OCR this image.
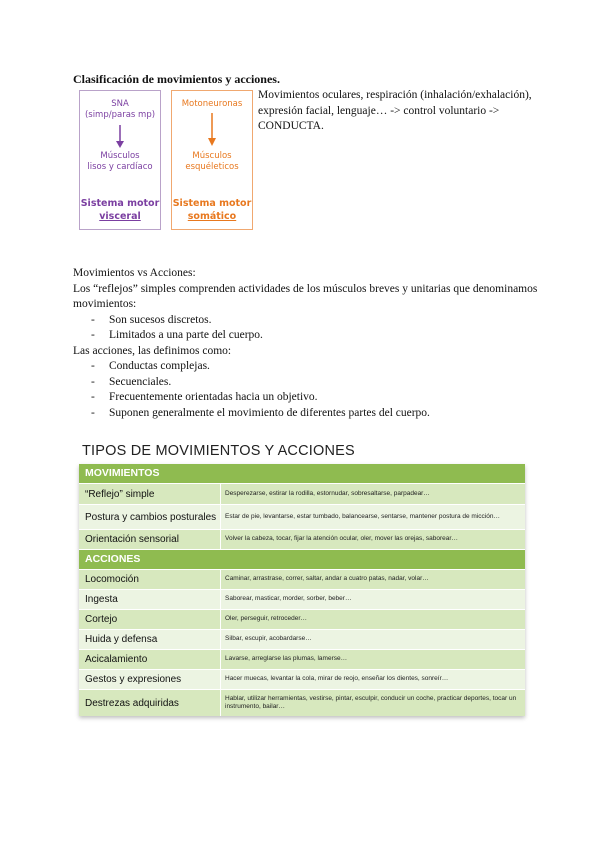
Clasificación de movimientos y acciones.
SNA
(simp/paras mp)
Músculos
lisos y cardíaco
Sistema motor
visceral
Motoneuronas
Músculos
esquéleticos
Sistema motor
somático
Movimientos oculares, respiración (inhalación/exhalación), expresión facial, lenguaje… -> control voluntario -> CONDUCTA.

Movimientos vs Acciones:

Los “reflejos” simples comprenden actividades de los músculos breves y unitarias que denominamos movimientos:

- Son sucesos discretos.
- Limitados a una parte del cuerpo.

Las acciones, las definimos como:

- Conductas complejas.
- Secuenciales.
- Frecuentemente orientadas hacia un objetivo.
- Suponen generalmente el movimiento de diferentes partes del cuerpo.
TIPOS DE MOVIMIENTOS Y ACCIONES
MOVIMIENTOS
“Reflejo” simple	Desperezarse, estirar la rodilla, estornudar, sobresaltarse, parpadear…
Postura y cambios posturales	Estar de pie, levantarse, estar tumbado, balancearse, sentarse, mantener postura de micción…
Orientación sensorial	Volver la cabeza, tocar, fijar la atención ocular, oler, mover las orejas, saborear…
ACCIONES
Locomoción	Caminar, arrastrase, correr, saltar, andar a cuatro patas, nadar, volar…
Ingesta	Saborear, masticar, morder, sorber, beber…
Cortejo	Oler, perseguir, retroceder…
Huida y defensa	Silbar, escupir, acobardarse…
Acicalamiento	Lavarse, arreglarse las plumas, lamerse…
Gestos y expresiones	Hacer muecas, levantar la cola, mirar de reojo, enseñar los dientes, sonreír…
Destrezas adquiridas	Hablar, utilizar herramientas, vestirse, pintar, esculpir, conducir un coche, practicar deportes, tocar un instrumento, bailar…
